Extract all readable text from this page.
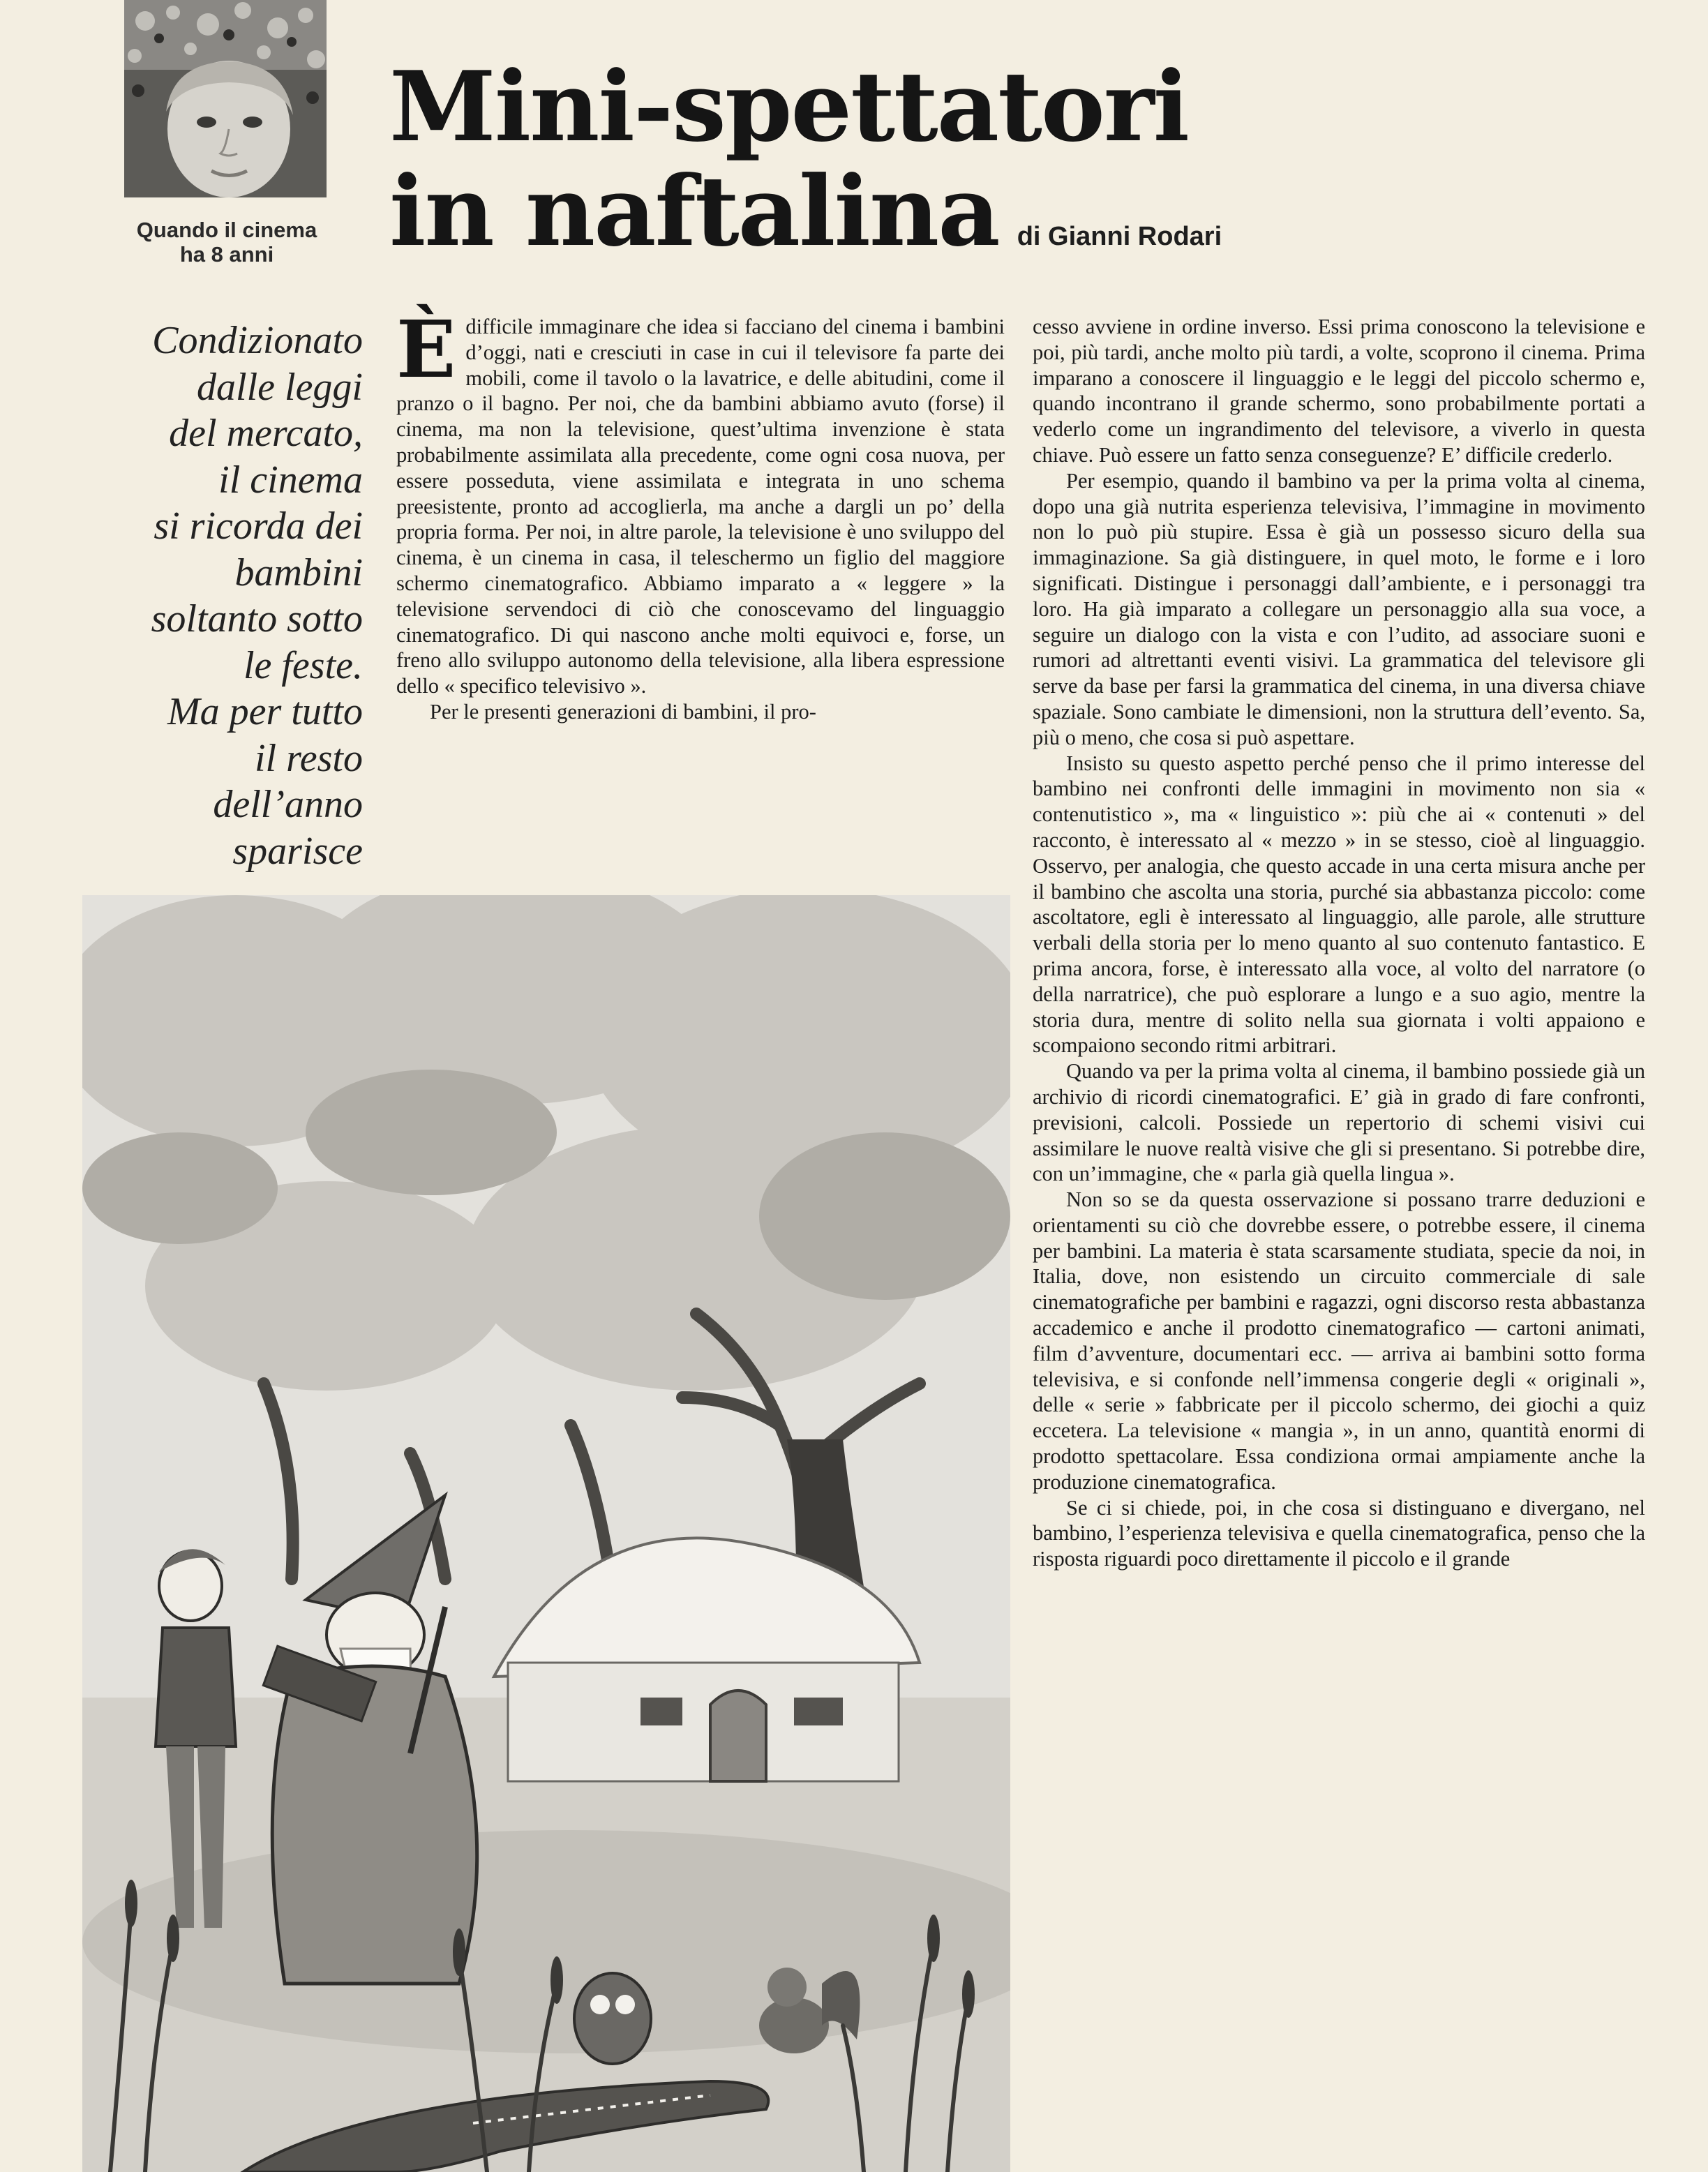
Quando il cinema
ha 8 anni
Mini-spettatori
in naftalina di Gianni Rodari
Condizionato
dalle leggi
del mercato,
il cinema
si ricorda dei
bambini
soltanto sotto
le feste.
Ma per tutto
il resto
dell’anno
sparisce

Èdifficile immaginare che idea si facciano del cinema i bambini d’oggi, nati e cresciuti in case in cui il televisore fa parte dei mobili, come il tavolo o la lavatrice, e delle abitudini, come il pranzo o il bagno. Per noi, che da bambini abbiamo avuto (forse) il cinema, ma non la televisione, quest’ultima invenzione è stata probabilmente assimilata alla precedente, come ogni cosa nuova, per essere posseduta, viene assimilata e integrata in uno schema preesistente, pronto ad accoglierla, ma anche a dargli un po’ della propria forma. Per noi, in altre parole, la televisione è uno sviluppo del cinema, è un cinema in casa, il teleschermo un figlio del maggiore schermo cinematografico. Abbiamo imparato a « leggere » la televisione servendoci di ciò che conoscevamo del linguaggio cinematografico. Di qui nascono anche molti equivoci e, forse, un freno allo sviluppo autonomo della televisione, alla libera espressione dello « specifico televisivo ».

Per le presenti generazioni di bambini, il pro-

cesso avviene in ordine inverso. Essi prima conoscono la televisione e poi, più tardi, anche molto più tardi, a volte, scoprono il cinema. Prima imparano a conoscere il linguaggio e le leggi del piccolo schermo e, quando incontrano il grande schermo, sono probabilmente portati a vederlo come un ingrandimento del televisore, a viverlo in questa chiave. Può essere un fatto senza conseguenze? E’ difficile crederlo.

Per esempio, quando il bambino va per la prima volta al cinema, dopo una già nutrita esperienza televisiva, l’immagine in movimento non lo può più stupire. Essa è già un possesso sicuro della sua immaginazione. Sa già distinguere, in quel moto, le forme e i loro significati. Distingue i personaggi dall’ambiente, e i personaggi tra loro. Ha già imparato a collegare un personaggio alla sua voce, a seguire un dialogo con la vista e con l’udito, ad associare suoni e rumori ad altrettanti eventi visivi. La grammatica del televisore gli serve da base per farsi la grammatica del cinema, in una diversa chiave spaziale. Sono cambiate le dimensioni, non la struttura dell’evento. Sa, più o meno, che cosa si può aspettare.

Insisto su questo aspetto perché penso che il primo interesse del bambino nei confronti delle immagini in movimento non sia « contenutistico », ma « linguistico »: più che ai « contenuti » del racconto, è interessato al « mezzo » in se stesso, cioè al linguaggio. Osservo, per analogia, che questo accade in una certa misura anche per il bambino che ascolta una storia, purché sia abbastanza piccolo: come ascoltatore, egli è interessato al linguaggio, alle parole, alle strutture verbali della storia per lo meno quanto al suo contenuto fantastico. E prima ancora, forse, è interessato alla voce, al volto del narratore (o della narratrice), che può esplorare a lungo e a suo agio, mentre la storia dura, mentre di solito nella sua giornata i volti appaiono e scompaiono secondo ritmi arbitrari.

Quando va per la prima volta al cinema, il bambino possiede già un archivio di ricordi cinematografici. E’ già in grado di fare confronti, previsioni, calcoli. Possiede un repertorio di schemi visivi cui assimilare le nuove realtà visive che gli si presentano. Si potrebbe dire, con un’immagine, che « parla già quella lingua ».

Non so se da questa osservazione si possano trarre deduzioni e orientamenti su ciò che dovrebbe essere, o potrebbe essere, il cinema per bambini. La materia è stata scarsamente studiata, specie da noi, in Italia, dove, non esistendo un circuito commerciale di sale cinematografiche per bambini e ragazzi, ogni discorso resta abbastanza accademico e anche il prodotto cinematografico — cartoni animati, film d’avventure, documentari ecc. — arriva ai bambini sotto forma televisiva, e si confonde nell’immensa congerie degli « originali », delle « serie » fabbricate per il piccolo schermo, dei giochi a quiz eccetera. La televisione « mangia », in un anno, quantità enormi di prodotto spettacolare. Essa condiziona ormai ampiamente anche la produzione cinematografica.

Se ci si chiede, poi, in che cosa si distinguano e divergano, nel bambino, l’esperienza televisiva e quella cinematografica, penso che la risposta riguardi poco direttamente il piccolo e il grande
